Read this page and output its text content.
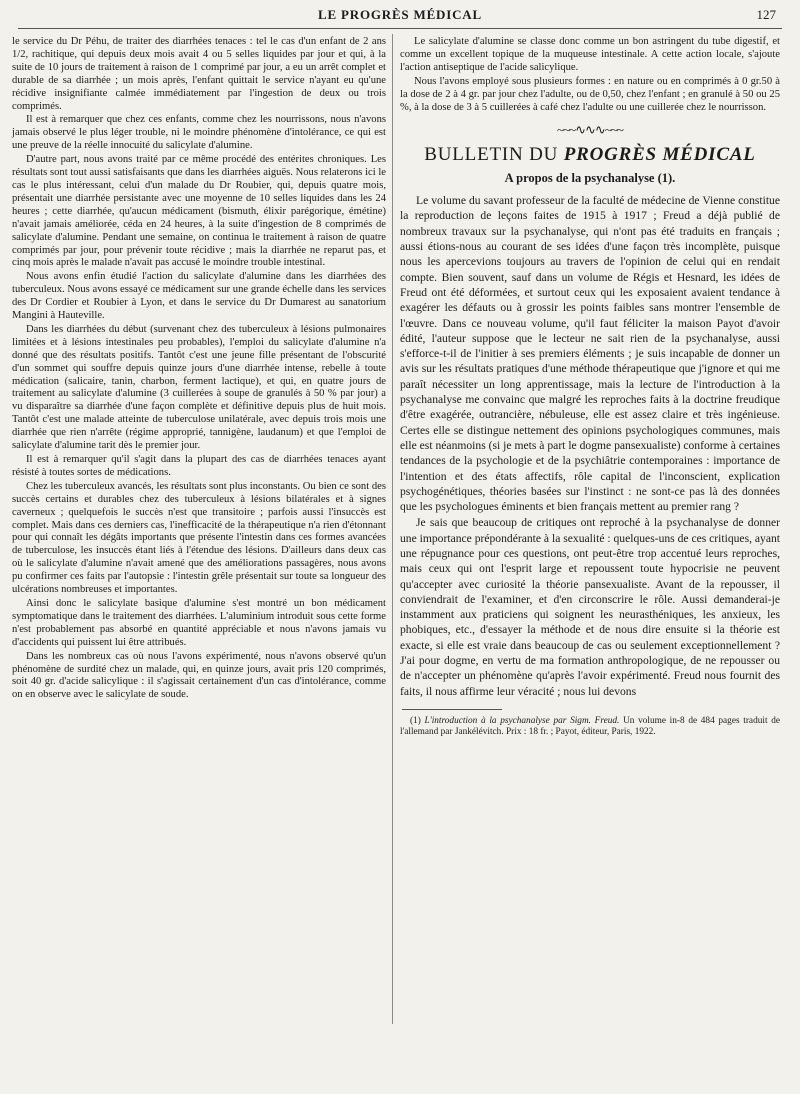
LE PROGRÈS MÉDICAL	127

le service du Dr Péhu, de traiter des diarrhées tenaces : tel le cas d'un enfant de 2 ans 1/2, rachitique, qui depuis deux mois avait 4 ou 5 selles liquides par jour et qui, à la suite de 10 jours de traitement à raison de 1 comprimé par jour, a eu un arrêt complet et durable de sa diarrhée ; un mois après, l'enfant quittait le service n'ayant eu qu'une récidive insignifiante calmée immédiatement par l'ingestion de deux ou trois comprimés.

Il est à remarquer que chez ces enfants, comme chez les nourrissons, nous n'avons jamais observé le plus léger trouble, ni le moindre phénomène d'intolérance, ce qui est une preuve de la réelle innocuité du salicylate d'alumine.

D'autre part, nous avons traité par ce même procédé des entérites chroniques. Les résultats sont tout aussi satisfaisants que dans les diarrhées aiguës. Nous relaterons ici le cas le plus intéressant, celui d'un malade du Dr Roubier, qui, depuis quatre mois, présentait une diarrhée persistante avec une moyenne de 10 selles liquides dans les 24 heures ; cette diarrhée, qu'aucun médicament (bismuth, élixir parégorique, émétine) n'avait jamais améliorée, céda en 24 heures, à la suite d'ingestion de 8 comprimés de salicylate d'alumine. Pendant une semaine, on continua le traitement à raison de quatre comprimés par jour, pour prévenir toute récidive ; mais la diarrhée ne reparut pas, et cinq mois après le malade n'avait pas accusé le moindre trouble intestinal.

Nous avons enfin étudié l'action du salicylate d'alumine dans les diarrhées des tuberculeux. Nous avons essayé ce médicament sur une grande échelle dans les services des Dr Cordier et Roubier à Lyon, et dans le service du Dr Dumarest au sanatorium Mangini à Hauteville.

Dans les diarrhées du début (survenant chez des tuberculeux à lésions pulmonaires limitées et à lésions intestinales peu probables), l'emploi du salicylate d'alumine n'a donné que des résultats positifs. Tantôt c'est une jeune fille présentant de l'obscurité d'un sommet qui souffre depuis quinze jours d'une diarrhée intense, rebelle à toute médication (salicaire, tanin, charbon, ferment lactique), et qui, en quatre jours de traitement au salicylate d'alumine (3 cuillerées à soupe de granulés à 50 % par jour) a vu disparaître sa diarrhée d'une façon complète et définitive depuis plus de huit mois. Tantôt c'est une malade atteinte de tuberculose unilatérale, avec depuis trois mois une diarrhée que rien n'arrête (régime approprié, tannigène, laudanum) et que l'emploi de salicylate d'alumine tarit dès le premier jour.

Il est à remarquer qu'il s'agit dans la plupart des cas de diarrhées tenaces ayant résisté à toutes sortes de médications.

Chez les tuberculeux avancés, les résultats sont plus inconstants. Ou bien ce sont des succès certains et durables chez des tuberculeux à lésions bilatérales et à signes caverneux ; quelquefois le succès n'est que transitoire ; parfois aussi l'insuccès est complet. Mais dans ces derniers cas, l'inefficacité de la thérapeutique n'a rien d'étonnant pour qui connaît les dégâts importants que présente l'intestin dans ces formes avancées de tuberculose, les insuccès étant liés à l'étendue des lésions. D'ailleurs dans deux cas où le salicylate d'alumine n'avait amené que des améliorations passagères, nous avons pu confirmer ces faits par l'autopsie : l'intestin grêle présentait sur toute sa longueur des ulcérations nombreuses et importantes.

Ainsi donc le salicylate basique d'alumine s'est montré un bon médicament symptomatique dans le traitement des diarrhées. L'aluminium introduit sous cette forme n'est probablement pas absorbé en quantité appréciable et nous n'avons jamais vu d'accidents qui puissent lui être attribués.

Dans les nombreux cas où nous l'avons expérimenté, nous n'avons observé qu'un phénomène de surdité chez un malade, qui, en quinze jours, avait pris 120 comprimés, soit 40 gr. d'acide salicylique : il s'agissait certainement d'un cas d'intolérance, comme on en observe avec le salicylate de soude.

Le salicylate d'alumine se classe donc comme un bon astringent du tube digestif, et comme un excellent topique de la muqueuse intestinale. A cette action locale, s'ajoute l'action antiseptique de l'acide salicylique.

Nous l'avons employé sous plusieurs formes : en nature ou en comprimés à 0 gr.50 à la dose de 2 à 4 gr. par jour chez l'adulte, ou de 0,50, chez l'enfant ; en granulé à 50 ou 25 %, à la dose de 3 à 5 cuillerées à café chez l'adulte ou une cuillerée chez le nourrisson.

~~~∿∿∿~~~
BULLETIN DU PROGRÈS MÉDICAL
A propos de la psychanalyse (1).

Le volume du savant professeur de la faculté de médecine de Vienne constitue la reproduction de leçons faites de 1915 à 1917 ; Freud a déjà publié de nombreux travaux sur la psychanalyse, qui n'ont pas été traduits en français ; aussi étions-nous au courant de ses idées d'une façon très incomplète, puisque nous les apercevions toujours au travers de l'opinion de celui qui en rendait compte. Bien souvent, sauf dans un volume de Régis et Hesnard, les idées de Freud ont été déformées, et surtout ceux qui les exposaient avaient tendance à exagérer les défauts ou à grossir les points faibles sans montrer l'ensemble de l'œuvre. Dans ce nouveau volume, qu'il faut féliciter la maison Payot d'avoir édité, l'auteur suppose que le lecteur ne sait rien de la psychanalyse, aussi s'efforce-t-il de l'initier à ses premiers éléments ; je suis incapable de donner un avis sur les résultats pratiques d'une méthode thérapeutique que j'ignore et qui me paraît nécessiter un long apprentissage, mais la lecture de l'introduction à la psychanalyse me convainc que malgré les reproches faits à la doctrine freudique d'être exagérée, outrancière, nébuleuse, elle est assez claire et très ingénieuse. Certes elle se distingue nettement des opinions psychologiques communes, mais elle est néanmoins (si je mets à part le dogme pansexualiste) conforme à certaines tendances de la psychologie et de la psychiâtrie contemporaines : importance de l'intention et des états affectifs, rôle capital de l'inconscient, explication psychogénétiques, théories basées sur l'instinct : ne sont-ce pas là des données que les psychologues éminents et bien français mettent au premier rang ?

Je sais que beaucoup de critiques ont reproché à la psychanalyse de donner une importance prépondérante à la sexualité : quelques-uns de ces critiques, ayant une répugnance pour ces questions, ont peut-être trop accentué leurs reproches, mais ceux qui ont l'esprit large et repoussent toute hypocrisie ne peuvent qu'accepter avec curiosité la théorie pansexualiste. Avant de la repousser, il conviendrait de l'examiner, et d'en circonscrire le rôle. Aussi demanderai-je instamment aux praticiens qui soignent les neurasthéniques, les anxieux, les phobiques, etc., d'essayer la méthode et de nous dire ensuite si la théorie est exacte, si elle est vraie dans beaucoup de cas ou seulement exceptionnellement ? J'ai pour dogme, en vertu de ma formation anthropologique, de ne repousser ou de n'accepter un phénomène qu'après l'avoir expérimenté. Freud nous fournit des faits, il nous affirme leur véracité ; nous lui devons

(1) L'introduction à la psychanalyse par Sigm. Freud. Un volume in-8 de 484 pages traduit de l'allemand par Jankélévitch. Prix : 18 fr. ; Payot, éditeur, Paris, 1922.
